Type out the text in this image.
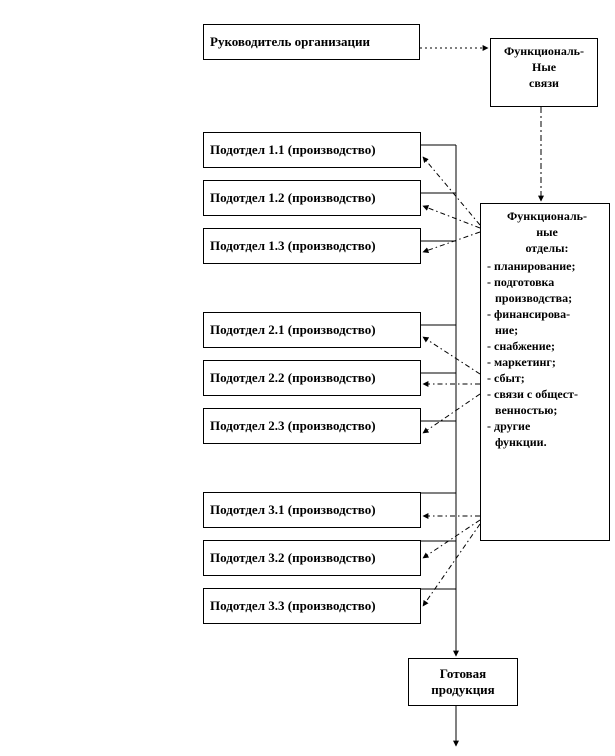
Руководитель организации
Функциональ-
Ные
связи
Подотдел 1.1 (производство)
Подотдел 1.2 (производство)
Подотдел 1.3 (производство)
Подотдел 2.1 (производство)
Подотдел 2.2 (производство)
Подотдел 2.3 (производство)
Подотдел 3.1 (производство)
Подотдел 3.2 (производство)
Подотдел 3.3 (производство)
Функциональ-
ные
отделы:
- планирование;
- подготовка
производства;
- финансирова-
ние;
- снабжение;
- маркетинг;
- сбыт;
- связи с общест-
венностью;
- другие
функции.
Готовая
продукция
